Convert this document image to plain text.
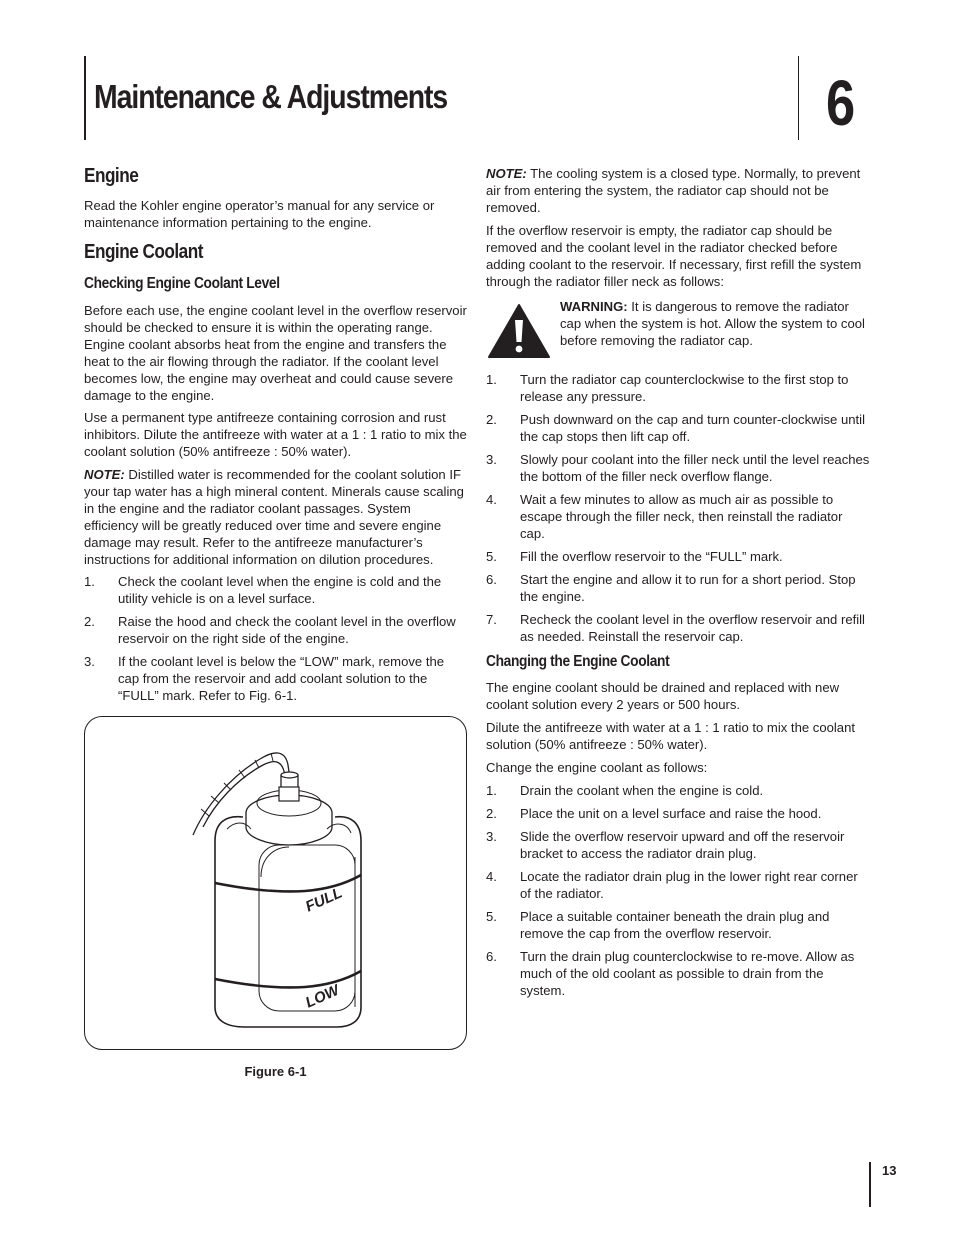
Maintenance & Adjustments	6
Engine

Read the Kohler engine operator’s manual for any service or maintenance information pertaining to the engine.

Engine Coolant
Checking Engine Coolant Level

Before each use, the engine coolant level in the overflow reservoir should be checked to ensure it is within the operating range. Engine coolant absorbs heat from the engine and transfers the heat to the air flowing through the radiator. If the coolant level becomes low, the engine may overheat and could cause severe damage to the engine.

Use a permanent type antifreeze containing corrosion and rust inhibitors. Dilute the antifreeze with water at a 1 : 1 ratio to mix the coolant solution (50% antifreeze : 50% water).

NOTE: Distilled water is recommended for the coolant solution IF your tap water has a high mineral content. Minerals cause scaling in the engine and the radiator coolant passages. System efficiency will be greatly reduced over time and severe engine damage may result. Refer to the antifreeze manufacturer’s instructions for additional information on dilution procedures.

1. Check the coolant level when the engine is cold and the utility vehicle is on a level surface.
2. Raise the hood and check the coolant level in the overflow reservoir on the right side of the engine.
3. If the coolant level is below the “LOW” mark, remove the cap from the reservoir and add coolant solution to the “FULL” mark. Refer to Fig. 6-1.
FULL
LOW
Figure 6-1

NOTE: The cooling system is a closed type. Normally, to prevent air from entering the system, the radiator cap should not be removed.

If the overflow reservoir is empty, the radiator cap should be removed and the coolant level in the radiator checked before adding coolant to the reservoir. If necessary, first refill the system through the radiator filler neck as follows:

WARNING: It is dangerous to remove the radiator cap when the system is hot. Allow the system to cool before removing the radiator cap.

1. Turn the radiator cap counterclockwise to the first stop to release any pressure.
2. Push downward on the cap and turn counter-clockwise until the cap stops then lift cap off.
3. Slowly pour coolant into the filler neck until the level reaches the bottom of the filler neck overflow flange.
4. Wait a few minutes to allow as much air as possible to escape through the filler neck, then reinstall the radiator cap.
5. Fill the overflow reservoir to the “FULL” mark.
6. Start the engine and allow it to run for a short period. Stop the engine.
7. Recheck the coolant level in the overflow reservoir and refill as needed. Reinstall the reservoir cap.
Changing the Engine Coolant

The engine coolant should be drained and replaced with new coolant solution every 2 years or 500 hours.

Dilute the antifreeze with water at a 1 : 1 ratio to mix the coolant solution (50% antifreeze : 50% water).

Change the engine coolant as follows:

1. Drain the coolant when the engine is cold.
2. Place the unit on a level surface and raise the hood.
3. Slide the overflow reservoir upward and off the reservoir bracket to access the radiator drain plug.
4. Locate the radiator drain plug in the lower right rear corner of the radiator.
5. Place a suitable container beneath the drain plug and remove the cap from the overflow reservoir.
6. Turn the drain plug counterclockwise to re-move. Allow as much of the old coolant as possible to drain from the system.
13
